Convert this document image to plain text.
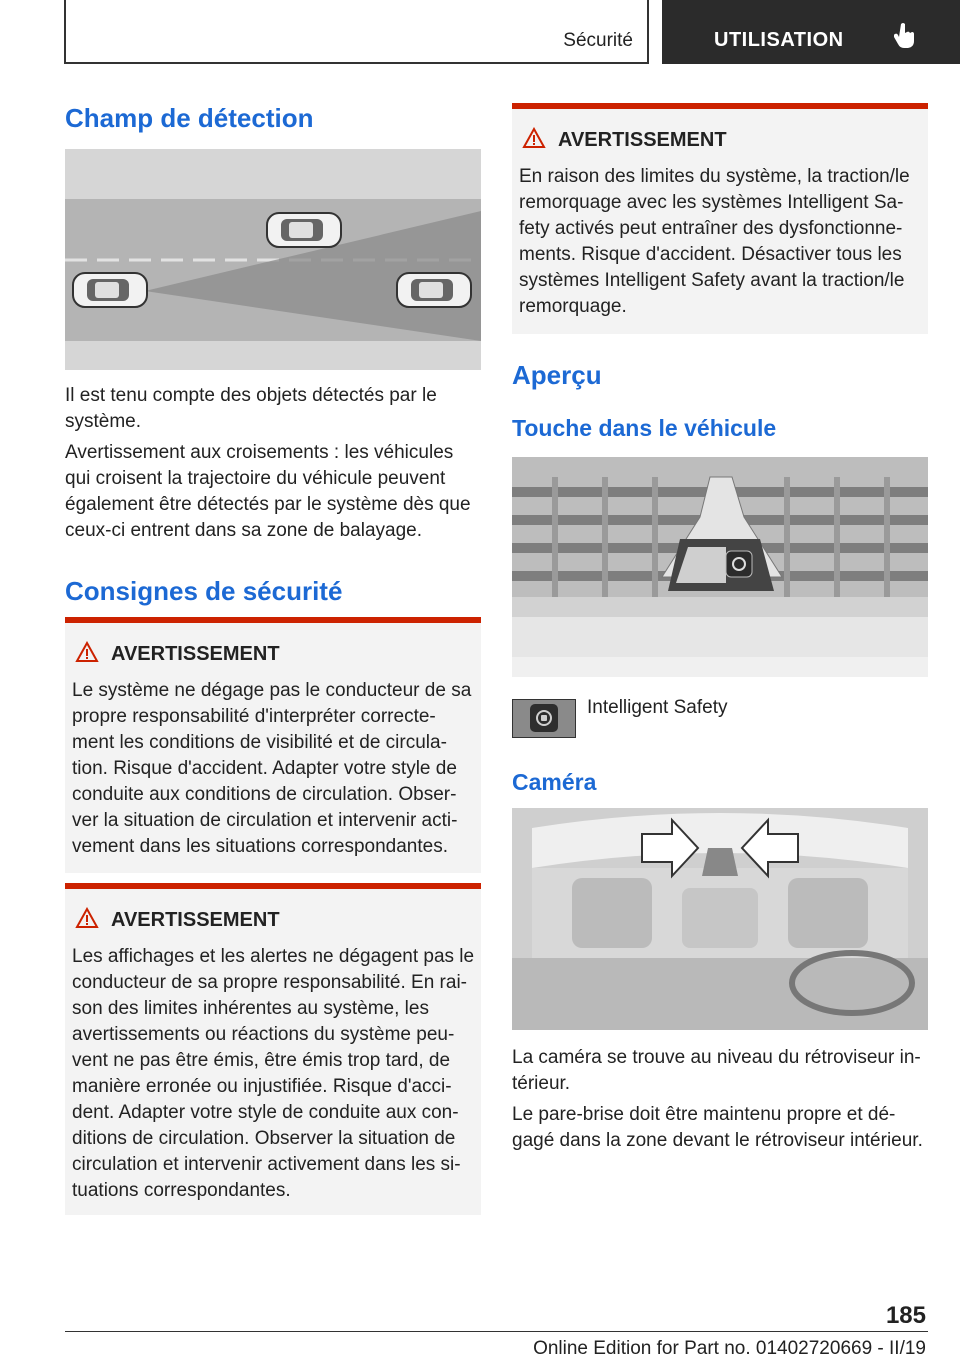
Sécurité	UTILISATION
Champ de détection

Il est tenu compte des objets détectés par le système.

Avertissement aux croisements : les véhicules qui croisent la trajectoire du véhicule peuvent également être détectés par le système dès que ceux-ci entrent dans sa zone de balayage.

Consignes de sécurité
AVERTISSEMENT

Le système ne dégage pas le conducteur de sa propre responsabilité d'interpréter correcte-ment les conditions de visibilité et de circula-tion. Risque d'accident. Adapter votre style de conduite aux conditions de circulation. Obser-ver la situation de circulation et intervenir acti-vement dans les situations correspondantes.

AVERTISSEMENT

Les affichages et les alertes ne dégagent pas le conducteur de sa propre responsabilité. En rai-son des limites inhérentes au système, les avertissements ou réactions du système peu-vent ne pas être émis, être émis trop tard, de manière erronée ou injustifiée. Risque d'acci-dent. Adapter votre style de conduite aux con-ditions de circulation. Observer la situation de circulation et intervenir activement dans les si-tuations correspondantes.

AVERTISSEMENT

En raison des limites du système, la traction/le remorquage avec les systèmes Intelligent Sa-fety activés peut entraîner des dysfonctionne-ments. Risque d'accident. Désactiver tous les systèmes Intelligent Safety avant la traction/le remorquage.

Aperçu
Touche dans le véhicule
Intelligent Safety
Caméra

La caméra se trouve au niveau du rétroviseur in-térieur.

Le pare-brise doit être maintenu propre et dé-gagé dans la zone devant le rétroviseur intérieur.

185
Online Edition for Part no. 01402720669 - II/19
